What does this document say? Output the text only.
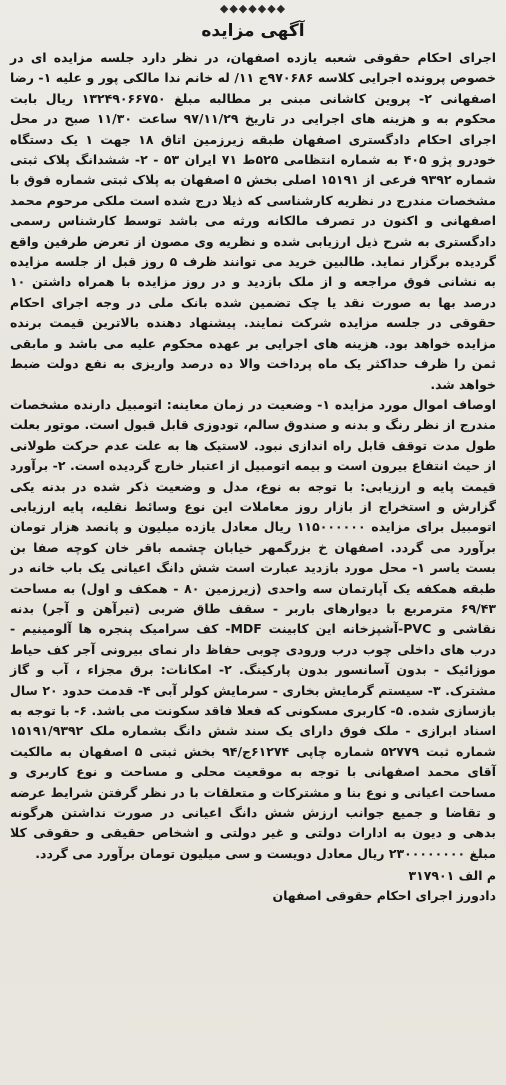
◆◆◆◆◆◆◆
آگهی مزایده

اجرای احکام حقوقی شعبه یازده اصفهان، در نظر دارد جلسه مزایده ای در خصوص پرونده اجرایی کلاسه ۹۷۰۶۸۶ج ۱۱/ له خانم ندا مالکی پور و علیه ۱- رضا اصفهانی ۲- پروین کاشانی مبنی بر مطالبه مبلغ ۱۳۲۴۹۰۶۶۷۵۰ ریال بابت محکوم به و هزینه های اجرایی در تاریخ ۹۷/۱۱/۲۹ ساعت ۱۱/۳۰ صبح در محل اجرای احکام دادگستری اصفهان طبقه زیرزمین اتاق ۱۸ جهت ۱ یک دستگاه خودرو پژو ۴۰۵ به شماره انتظامی ۵۲۵ط ۷۱ ایران ۵۳ - ۲- ششدانگ پلاک ثبتی شماره ۹۳۹۲ فرعی از ۱۵۱۹۱ اصلی بخش ۵ اصفهان به پلاک ثبتی شماره فوق با مشخصات مندرج در نظریه کارشناسی که ذیلا درج شده است ملکی مرحوم محمد اصفهانی و اکنون در تصرف مالکانه ورثه می باشد توسط کارشناس رسمی دادگستری به شرح ذیل ارزیابی شده و نظریه وی مصون از تعرض طرفین واقع گردیده برگزار نماید. طالبین خرید می توانند ظرف ۵ روز قبل از جلسه مزایده به نشانی فوق مراجعه و از ملک بازدید و در روز مزایده با همراه داشتن ۱۰ درصد بها به صورت نقد یا چک تضمین شده بانک ملی در وجه اجرای احکام حقوقی در جلسه مزایده شرکت نمایند. پیشنهاد دهنده بالاترین قیمت برنده مزایده خواهد بود. هزینه های اجرایی بر عهده محکوم علیه می باشد و مابقی ثمن را ظرف حداکثر یک ماه پرداخت والا ده درصد واریزی به نفع دولت ضبط خواهد شد.

اوصاف اموال مورد مزایده ۱- وضعیت در زمان معاینه: اتومبیل دارنده مشخصات مندرج از نظر رنگ و بدنه و صندوق سالم، تودوزی قابل قبول است. موتور بعلت طول مدت توقف قابل راه اندازی نبود. لاستیک ها به علت عدم حرکت طولانی از حیث انتفاع بیرون است و بیمه اتومبیل از اعتبار خارج گردیده است. ۲- برآورد قیمت پایه و ارزیابی: با توجه به نوع، مدل و وضعیت ذکر شده در بدنه یکی گزارش و استخراج از بازار روز معاملات این نوع وسائط نقلیه، پایه ارزیابی اتومبیل برای مزایده ۱۱۵۰۰۰۰۰۰ ریال معادل یازده میلیون و پانصد هزار تومان برآورد می گردد. اصفهان خ بزرگمهر خیابان چشمه باقر خان کوچه صفا بن بست یاسر ۱- محل مورد بازدید عبارت است شش دانگ اعیانی یک باب خانه در طبقه همکفه یک آپارتمان سه واحدی (زیرزمین ۸۰ - همکف و اول) به مساحت ۶۹/۴۳ مترمربع با دیوارهای باربر - سقف طاق ضربی (تیرآهن و آجر) بدنه نقاشی و PVC-آشپزخانه این کابینت MDF- کف سرامیک پنجره ها آلومینیم - درب های داخلی چوب درب ورودی چوبی حفاظ دار نمای بیرونی آجر کف حیاط موزائیک - بدون آسانسور بدون پارکینگ. ۲- امکانات: برق مجزاء ، آب و گاز مشترک. ۳- سیستم گرمایش بخاری - سرمایش کولر آبی ۴- قدمت حدود ۲۰ سال بازسازی شده. ۵- کاربری مسکونی که فعلا فاقد سکونت می باشد. ۶- با توجه به اسناد ابرازی - ملک فوق دارای یک سند شش دانگ بشماره ملک ۱۵۱۹۱/۹۳۹۲ شماره ثبت ۵۲۷۷۹ شماره چاپی ۶۱۲۷۴ج/۹۴ بخش ثبتی ۵ اصفهان به مالکیت آقای محمد اصفهانی با توجه به موقعیت محلی و مساحت و نوع کاربری و مساحت اعیانی و نوع بنا و مشترکات و متعلقات با در نظر گرفتن شرایط عرضه و تقاضا و جمیع جوانب ارزش شش دانگ اعیانی در صورت نداشتن هرگونه بدهی و دیون به ادارات دولتی و غیر دولتی و اشخاص حقیقی و حقوقی کلا مبلغ ۲۳۰۰۰۰۰۰۰۰ ریال معادل دویست و سی میلیون تومان برآورد می گردد.

م الف ۳۱۷۹۰۱
دادورز اجرای احکام حقوقی اصفهان
